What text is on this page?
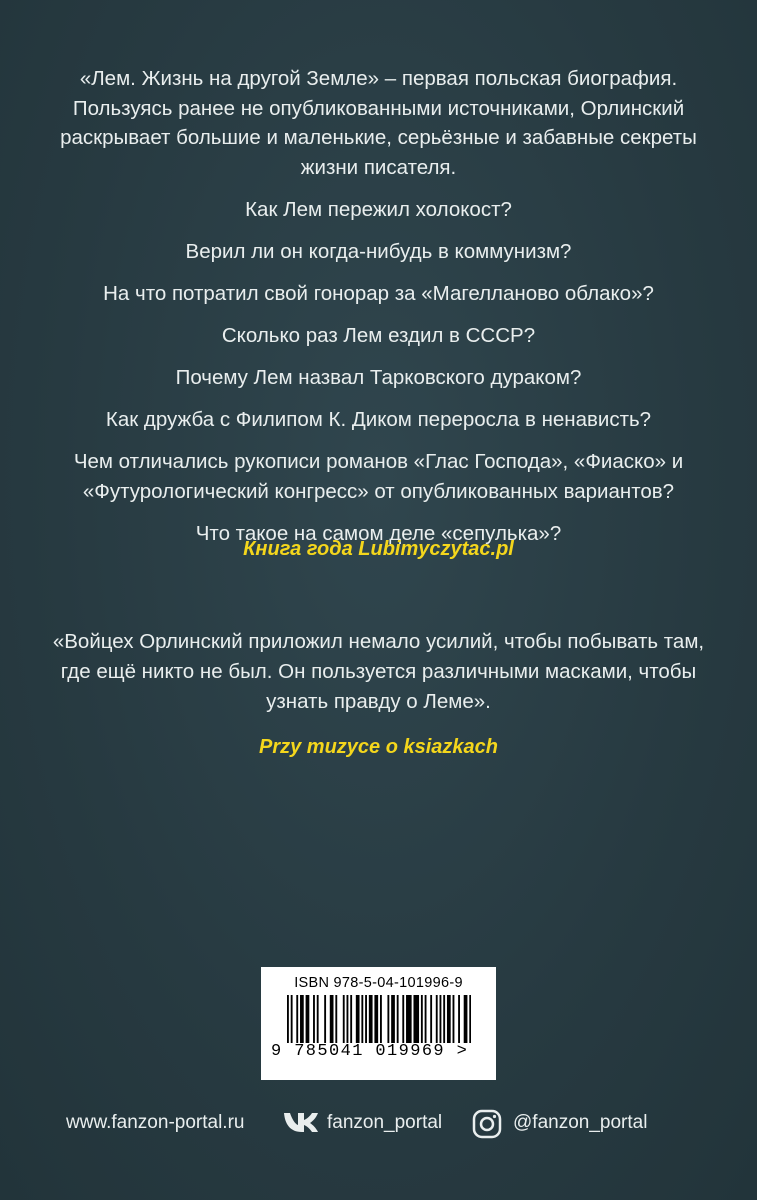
«Лем. Жизнь на другой Земле» – первая польская биография. Пользуясь ранее не опубликованными источниками, Орлинский раскрывает большие и маленькие, серьёзные и забавные секреты жизни писателя.

Как Лем пережил холокост?

Верил ли он когда-нибудь в коммунизм?

На что потратил свой гонорар за «Магелланово облако»?

Сколько раз Лем ездил в СССР?

Почему Лем назвал Тарковского дураком?

Как дружба с Филипом К. Диком переросла в ненависть?

Чем отличались рукописи романов «Глас Господа», «Фиаско» и «Футурологический конгресс» от опубликованных вариантов?

Что такое на самом деле «сепулька»?

Книга года Lubimyczytac.pl

«Войцех Орлинский приложил немало усилий, чтобы побывать там, где ещё никто не был. Он пользуется различными масками, чтобы узнать правду о Леме».

Przy muzyce o ksiazkach
ISBN 978-5-04-101996-9
9 785041 019969 >
www.fanzon-portal.ru	fanzon_portal	@fanzon_portal
